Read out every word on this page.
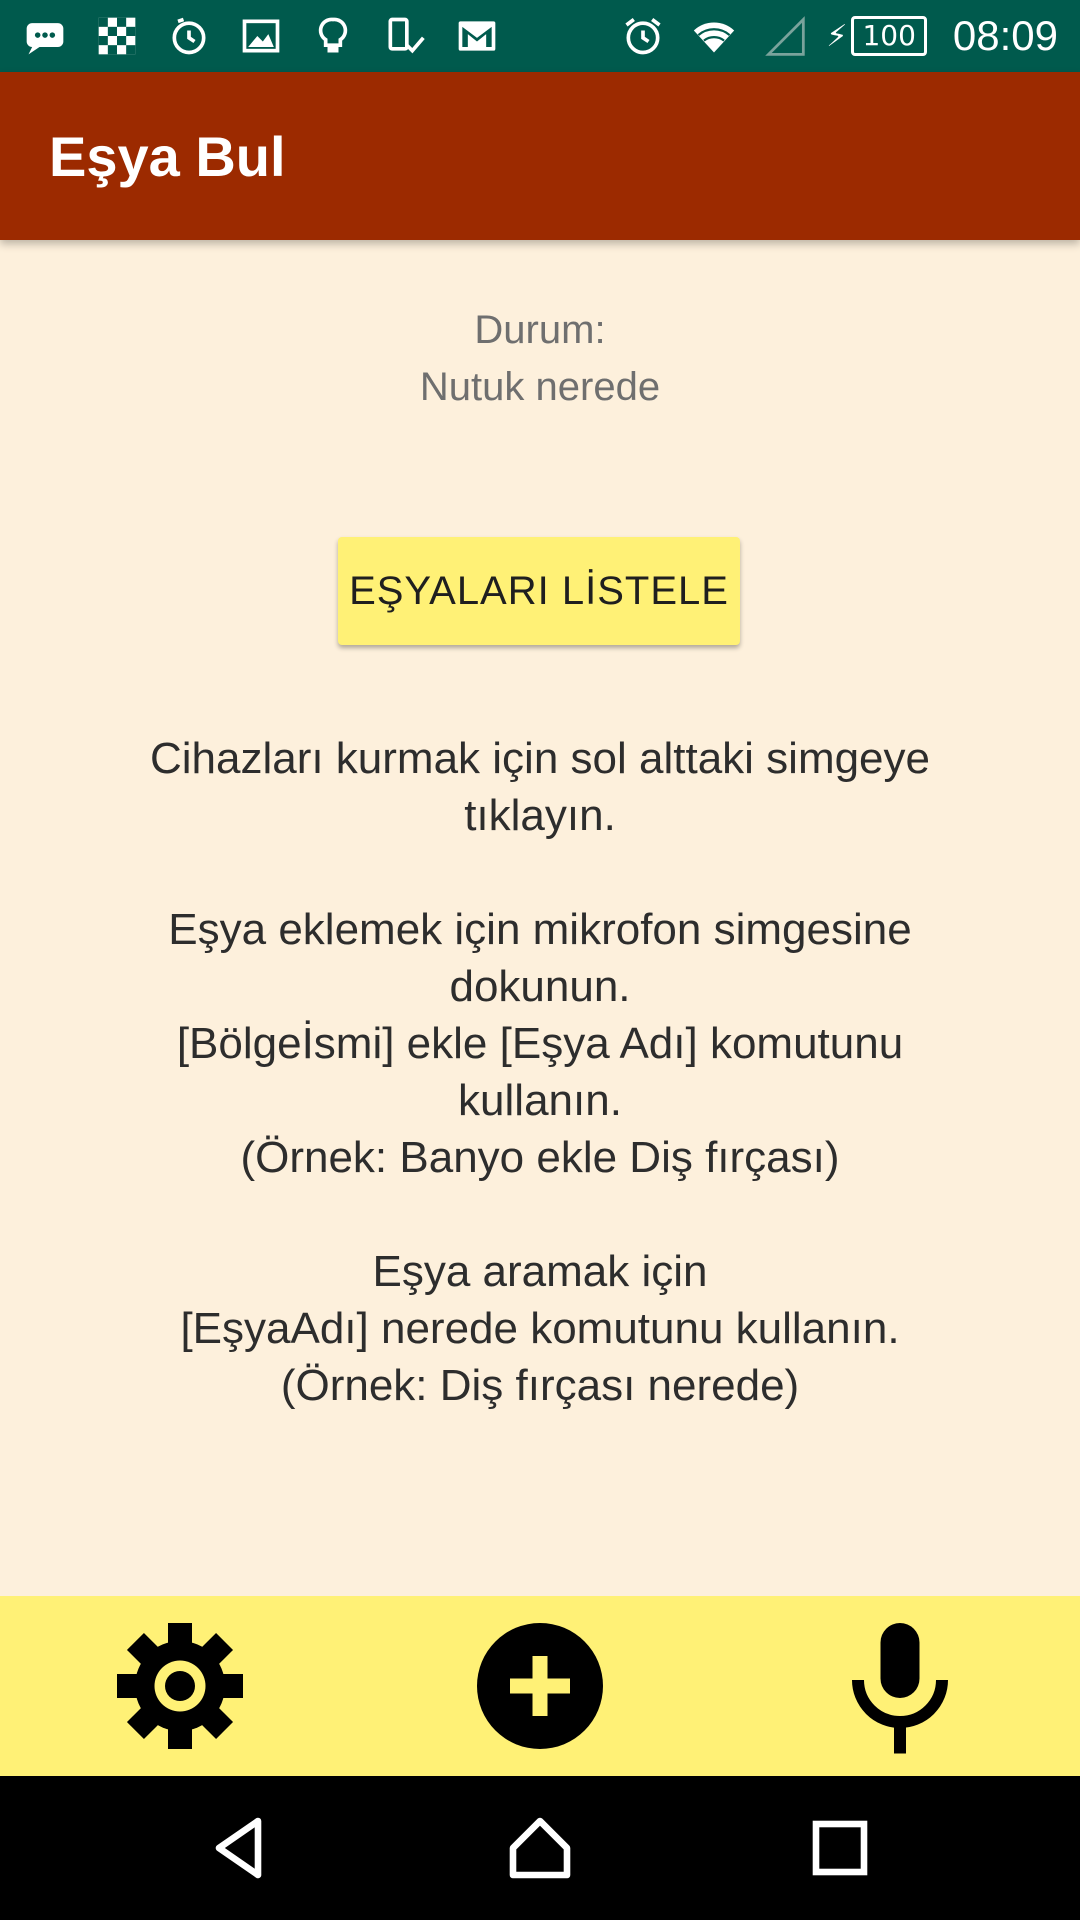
⚡ 100 08:09
Eşya Bul
Durum:
Nutuk nerede
EŞYALARI LİSTELE

Cihazları kurmak için sol alttaki simgeye

tıklayın.

Eşya eklemek için mikrofon simgesine

dokunun.

[Bölgeİsmi] ekle [Eşya Adı] komutunu

kullanın.

(Örnek: Banyo ekle Diş fırçası)

Eşya aramak için

[EşyaAdı] nerede komutunu kullanın.

(Örnek: Diş fırçası nerede)
